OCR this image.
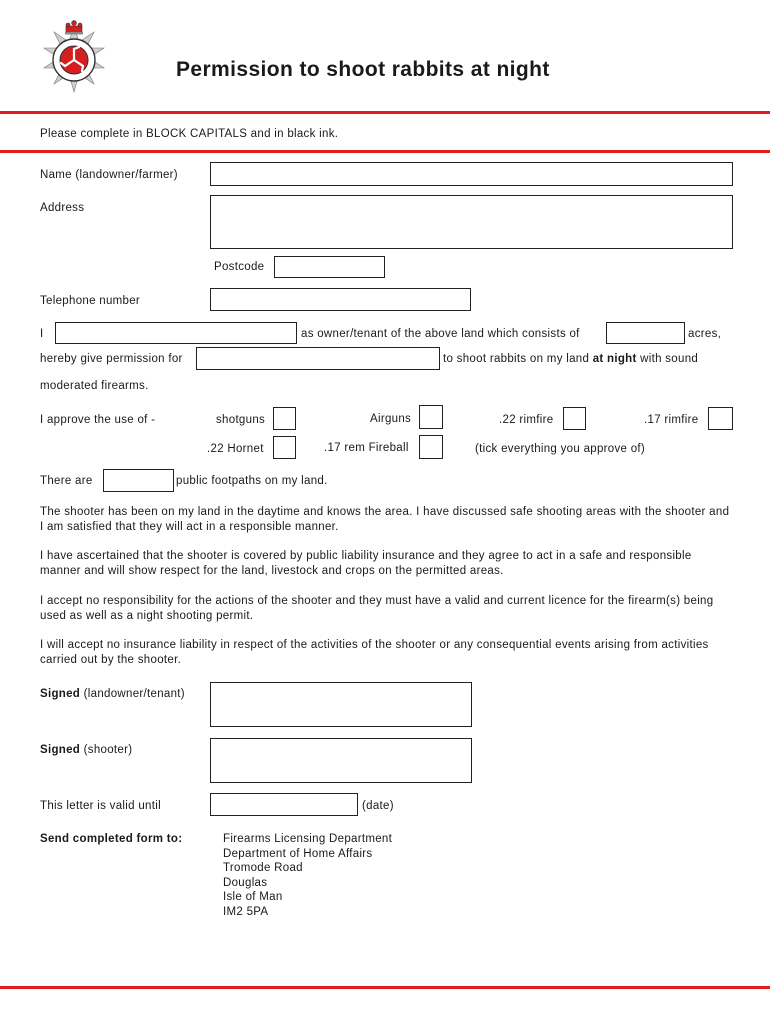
Permission to shoot rabbits at night
Please complete in BLOCK CAPITALS and in black ink.
Name (landowner/farmer)
Address
Postcode
Telephone number
I	as owner/tenant of the above land which consists of	acres,
hereby give permission for	to shoot rabbits on my land at night with sound
moderated firearms.
I approve the use of -	shotguns	Airguns	.22 rimfire	.17 rimfire
.22 Hornet	.17 rem Fireball	(tick everything you approve of)
There are	public footpaths on my land.
The shooter has been on my land in the daytime and knows the area. I have discussed safe shooting areas with the shooter and I am satisfied that they will act in a responsible manner.
I have ascertained that the shooter is covered by public liability insurance and they agree to act in a safe and responsible manner and will show respect for the land, livestock and crops on the permitted areas.
I accept no responsibility for the actions of the shooter and they must have a valid and current licence for the firearm(s) being used as well as a night shooting permit.
I will accept no insurance liability in respect of the activities of the shooter or any consequential events arising from activities carried out by the shooter.
Signed (landowner/tenant)
Signed (shooter)
This letter is valid until	(date)
Send completed form to:	Firearms Licensing Department
Department of Home Affairs
Tromode Road
Douglas
Isle of Man
IM2 5PA
